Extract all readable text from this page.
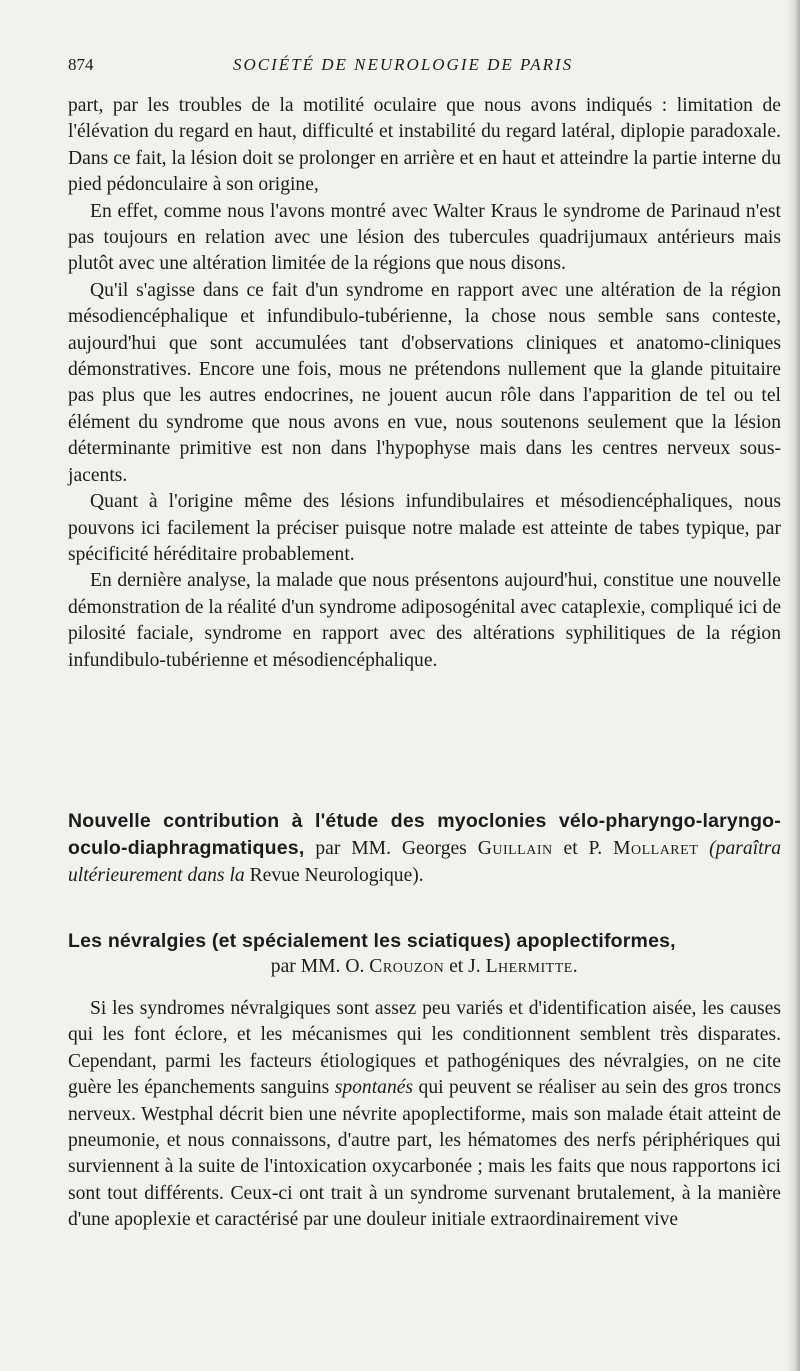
874	SOCIÉTÉ DE NEUROLOGIE DE PARIS

part, par les troubles de la motilité oculaire que nous avons indiqués : limitation de l'élévation du regard en haut, difficulté et instabilité du regard latéral, diplopie paradoxale. Dans ce fait, la lésion doit se prolonger en arrière et en haut et atteindre la partie interne du pied pédonculaire à son origine,

En effet, comme nous l'avons montré avec Walter Kraus le syndrome de Parinaud n'est pas toujours en relation avec une lésion des tubercules quadrijumaux antérieurs mais plutôt avec une altération limitée de la régions que nous disons.

Qu'il s'agisse dans ce fait d'un syndrome en rapport avec une altération de la région mésodiencéphalique et infundibulo-tubérienne, la chose nous semble sans conteste, aujourd'hui que sont accumulées tant d'observations cliniques et anatomo-cliniques démonstratives. Encore une fois, mous ne prétendons nullement que la glande pituitaire pas plus que les autres endocrines, ne jouent aucun rôle dans l'apparition de tel ou tel élément du syndrome que nous avons en vue, nous soutenons seulement que la lésion déterminante primitive est non dans l'hypophyse mais dans les centres nerveux sous-jacents.

Quant à l'origine même des lésions infundibulaires et mésodiencéphaliques, nous pouvons ici facilement la préciser puisque notre malade est atteinte de tabes typique, par spécificité héréditaire probablement.

En dernière analyse, la malade que nous présentons aujourd'hui, constitue une nouvelle démonstration de la réalité d'un syndrome adiposogénital avec cataplexie, compliqué ici de pilosité faciale, syndrome en rapport avec des altérations syphilitiques de la région infundibulo-tubérienne et mésodiencéphalique.

Nouvelle contribution à l'étude des myoclonies vélo-pharyngo-laryngo-oculo-diaphragmatiques, par MM. Georges Guillain et P. Mollaret (paraîtra ultérieurement dans la Revue Neurologique).

Les névralgies (et spécialement les sciatiques) apoplectiformes,

par MM. O. Crouzon et J. Lhermitte.

Si les syndromes névralgiques sont assez peu variés et d'identification aisée, les causes qui les font éclore, et les mécanismes qui les conditionnent semblent très disparates. Cependant, parmi les facteurs étiologiques et pathogéniques des névralgies, on ne cite guère les épanchements sanguins spontanés qui peuvent se réaliser au sein des gros troncs nerveux. Westphal décrit bien une névrite apoplectiforme, mais son malade était atteint de pneumonie, et nous connaissons, d'autre part, les hématomes des nerfs périphériques qui surviennent à la suite de l'intoxication oxycarbonée ; mais les faits que nous rapportons ici sont tout différents. Ceux-ci ont trait à un syndrome survenant brutalement, à la manière d'une apoplexie et caractérisé par une douleur initiale extraordinairement vive
